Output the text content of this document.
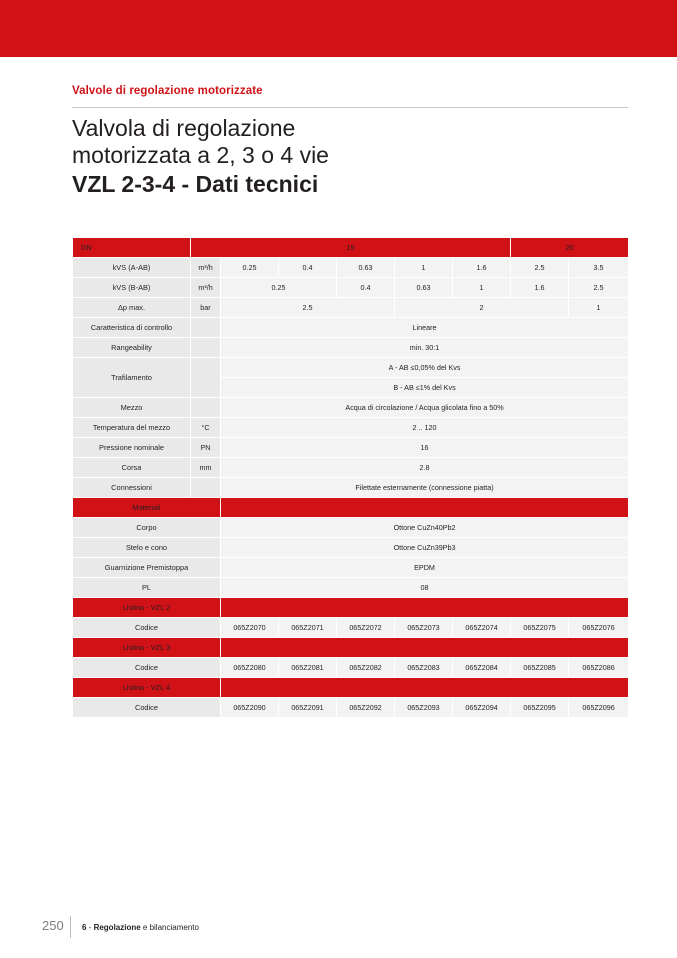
Valvole di regolazione motorizzate
Valvola di regolazione
motorizzata a 2, 3 o 4 vie
VZL 2-3-4 - Dati tecnici
DN	15						20	
kVS (A-AB)	m³/h	0.25	0.4	0.63	1	1.6	2.5	3.5
kVS (B-AB)	m³/h	0.25		0.4	0.63	1	1.6	2.5
Δp max.	bar	2.5			2			1
Caratteristica di controllo		Lineare						
Rangeability		min. 30:1						
Trafilamento		A - AB ≤0,05% del Kvs						
		B - AB ≤1% del Kvs						
Mezzo		Acqua di circolazione / Acqua glicolata fino a 50%						
Temperatura del mezzo	°C	2 .. 120						
Pressione nominale	PN	16						
Corsa	mm	2.8						
Connessioni		Filettate esternamente (connessione piatta)						
Materiali								
Corpo		Ottone CuZn40Pb2						
Stelo e cono		Ottone CuZn39Pb3						
Guarnizione Premistoppa		EPDM						
PL		08						
Listino - VZL 2								
Codice		065Z2070	065Z2071	065Z2072	065Z2073	065Z2074	065Z2075	065Z2076
Listino - VZL 3								
Codice		065Z2080	065Z2081	065Z2082	065Z2083	065Z2084	065Z2085	065Z2086
Listino - VZL 4								
Codice		065Z2090	065Z2091	065Z2092	065Z2093	065Z2094	065Z2095	065Z2096
250 6 - Regolazione e bilanciamento
